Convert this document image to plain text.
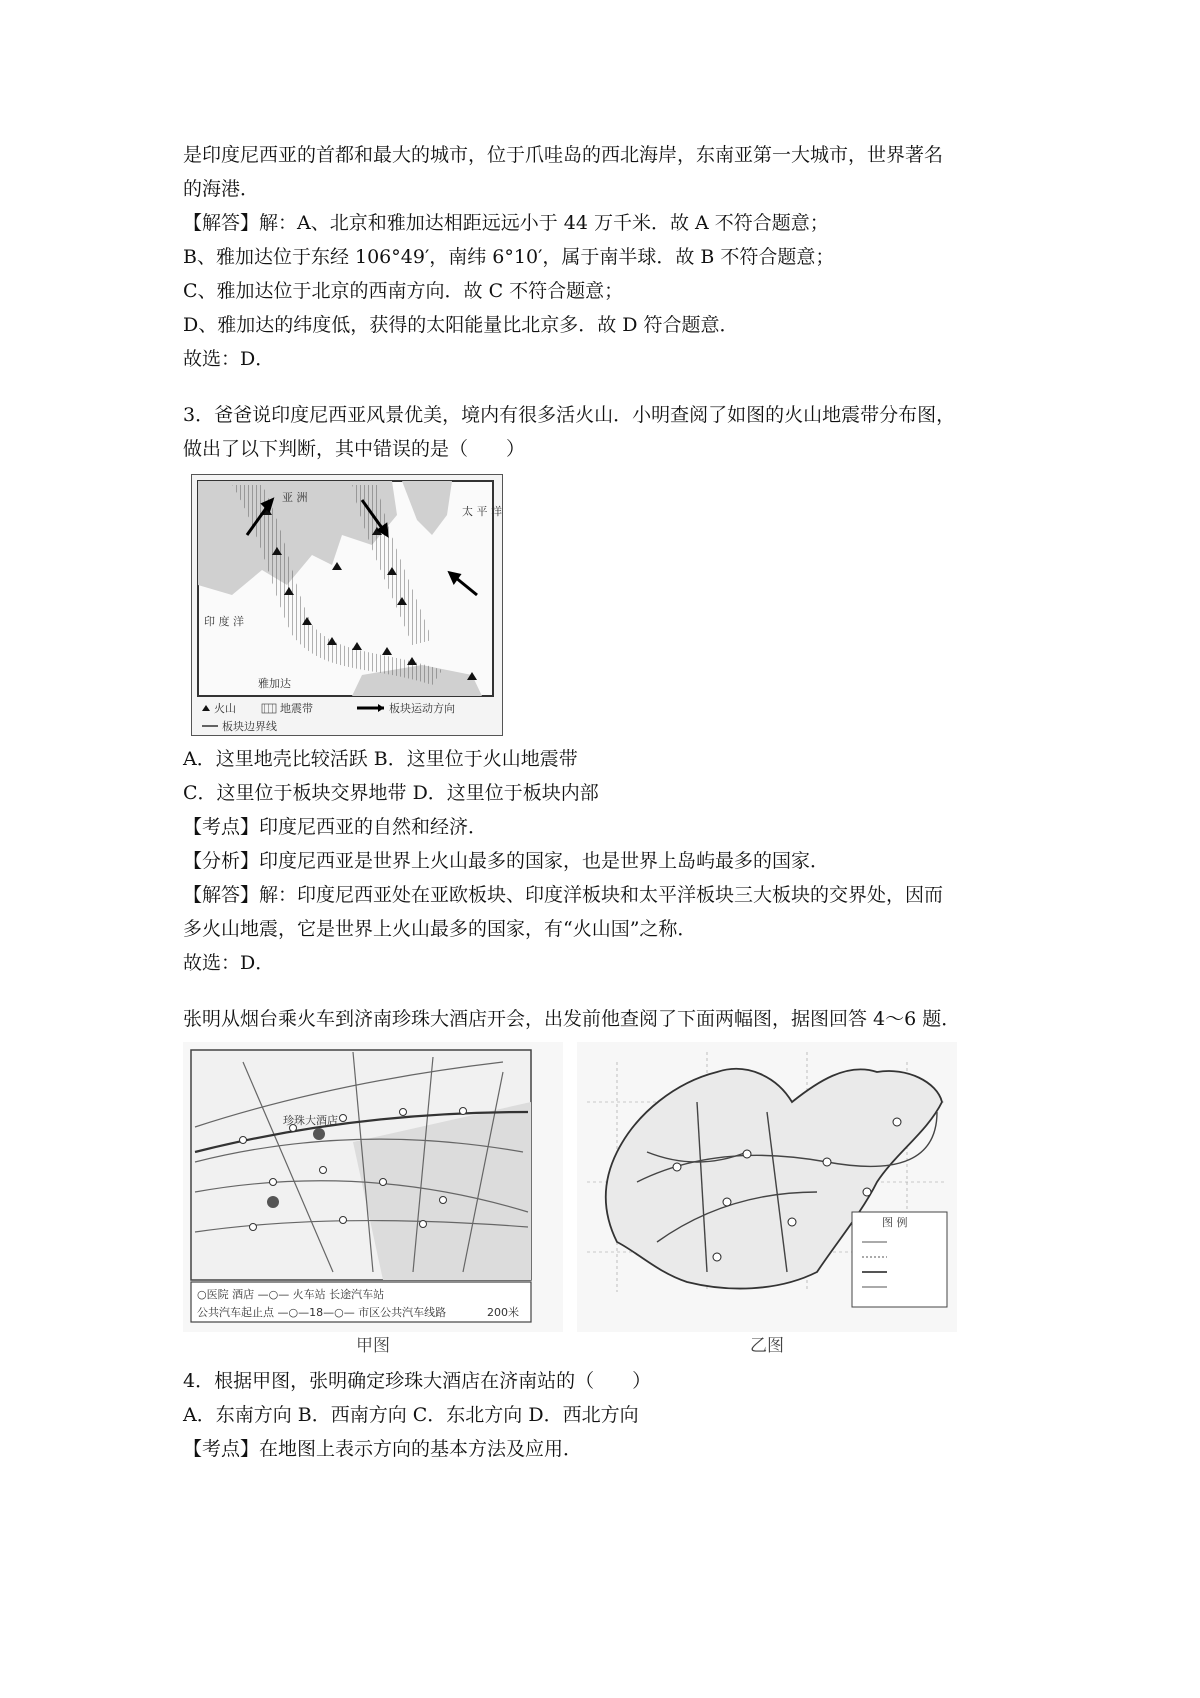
是印度尼西亚的首都和最大的城市，位于爪哇岛的西北海岸，东南亚第一大城市，世界著名

的海港．

【解答】解：A、北京和雅加达相距远远小于 44 万千米．故 A 不符合题意；

B、雅加达位于东经 106°49′，南纬 6°10′，属于南半球．故 B 不符合题意；

C、雅加达位于北京的西南方向．故 C 不符合题意；

D、雅加达的纬度低，获得的太阳能量比北京多．故 D 符合题意．

故选：D．

3．爸爸说印度尼西亚风景优美，境内有很多活火山．小明查阅了如图的火山地震带分布图，

做出了以下判断，其中错误的是（　　）

亚 洲
太 平 洋
印 度 洋
雅加达
火山	地震带	板块运动方向
板块边界线

A．这里地壳比较活跃 B．这里位于火山地震带

C．这里位于板块交界地带 D．这里位于板块内部

【考点】印度尼西亚的自然和经济．

【分析】印度尼西亚是世界上火山最多的国家，也是世界上岛屿最多的国家．

【解答】解：印度尼西亚处在亚欧板块、印度洋板块和太平洋板块三大板块的交界处，因而

多火山地震，它是世界上火山最多的国家，有“火山国”之称．

故选：D．

张明从烟台乘火车到济南珍珠大酒店开会，出发前他查阅了下面两幅图，据图回答 4～6 题．

珍珠大酒店
○医院 酒店 —○— 火车站 长途汽车站
公共汽车起止点 —○—18—○— 市区公共汽车线路	200米
甲图
图 例
乙图

4．根据甲图，张明确定珍珠大酒店在济南站的（　　）

A．东南方向 B．西南方向 C．东北方向 D．西北方向

【考点】在地图上表示方向的基本方法及应用．
